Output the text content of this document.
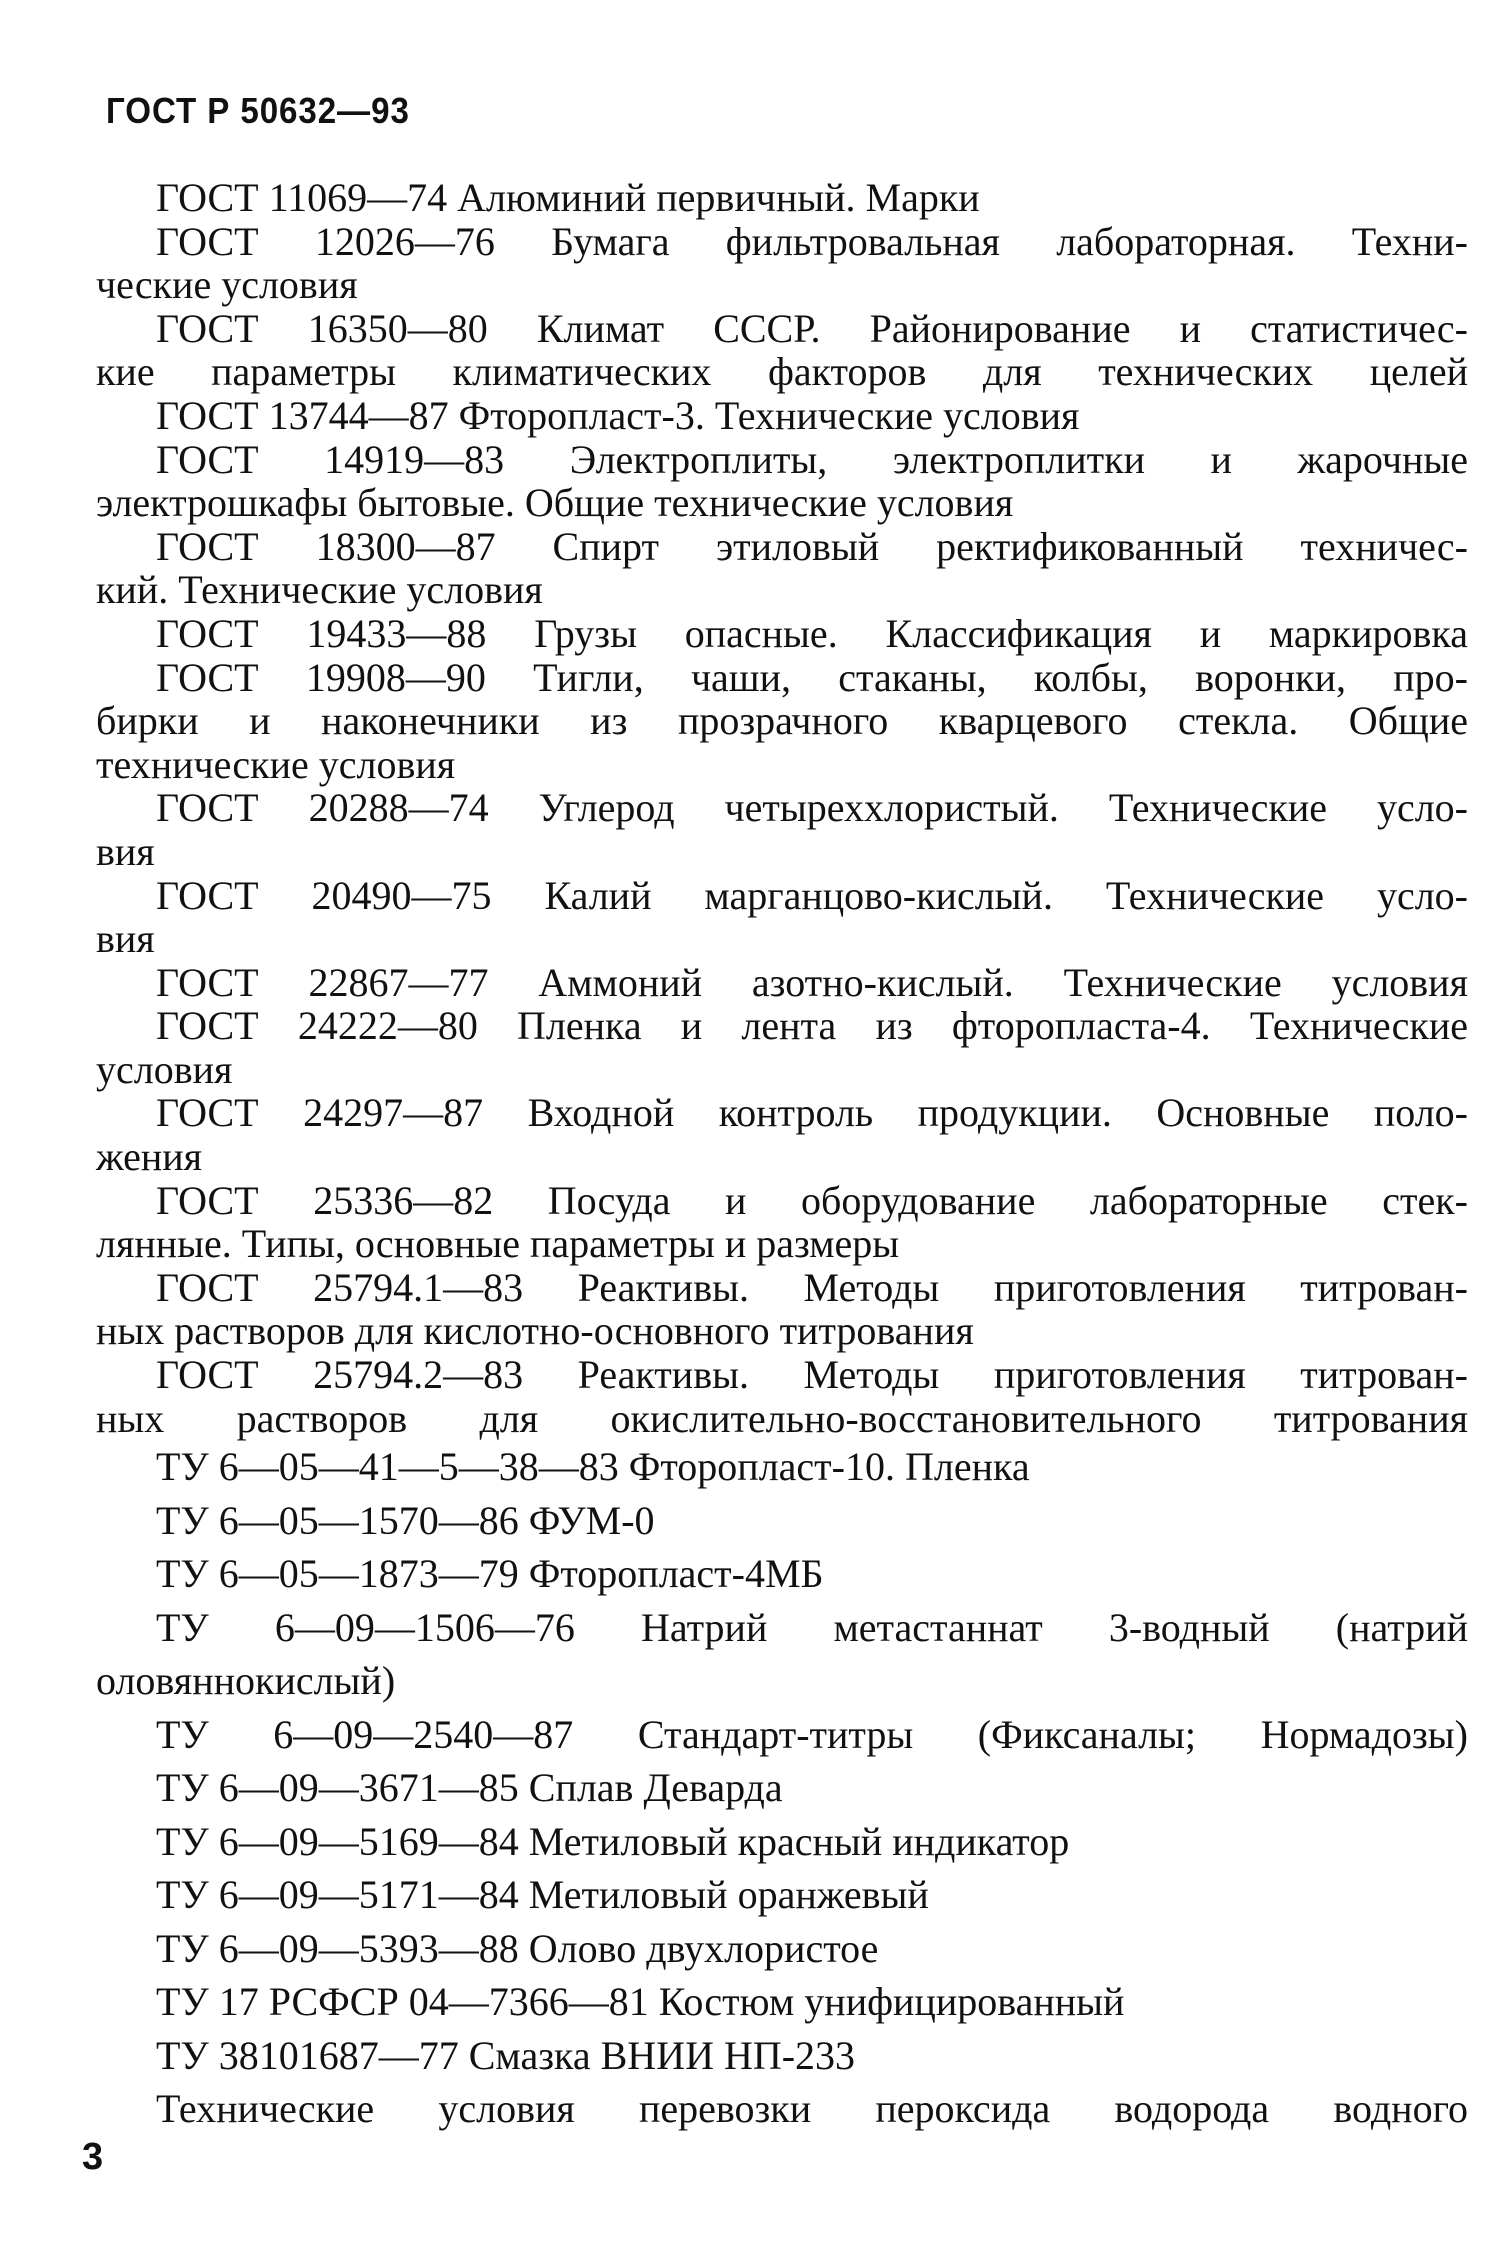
ГОСТ Р 50632—93
ГОСТ 11069—74 Алюминий первичный. Марки
ГОСТ 12026—76 Бумага фильтровальная лабораторная. Техни-
ческие условия
ГОСТ 16350—80 Климат СССР. Районирование и статистичес-
кие параметры климатических факторов для технических целей
ГОСТ 13744—87 Фторопласт-3. Технические условия
ГОСТ 14919—83 Электроплиты, электроплитки и жарочные
электрошкафы бытовые. Общие технические условия
ГОСТ 18300—87 Спирт этиловый ректификованный техничес-
кий. Технические условия
ГОСТ 19433—88 Грузы опасные. Классификация и маркировка
ГОСТ 19908—90 Тигли, чаши, стаканы, колбы, воронки, про-
бирки и наконечники из прозрачного кварцевого стекла. Общие
технические условия
ГОСТ 20288—74 Углерод четыреххлористый. Технические усло-
вия
ГОСТ 20490—75 Калий марганцово-кислый. Технические усло-
вия
ГОСТ 22867—77 Аммоний азотно-кислый. Технические условия
ГОСТ 24222—80 Пленка и лента из фторопласта-4. Технические
условия
ГОСТ 24297—87 Входной контроль продукции. Основные поло-
жения
ГОСТ 25336—82 Посуда и оборудование лабораторные стек-
лянные. Типы, основные параметры и размеры
ГОСТ 25794.1—83 Реактивы. Методы приготовления титрован-
ных растворов для кислотно-основного титрования
ГОСТ 25794.2—83 Реактивы. Методы приготовления титрован-
ных растворов для окислительно-восстановительного титрования
ТУ 6—05—41—5—38—83 Фторопласт-10. Пленка
ТУ 6—05—1570—86 ФУМ-0
ТУ 6—05—1873—79 Фторопласт-4МБ
ТУ 6—09—1506—76 Натрий метастаннат 3-водный (натрий
оловяннокислый)
ТУ 6—09—2540—87 Стандарт-титры (Фиксаналы; Нормадозы)
ТУ 6—09—3671—85 Сплав Деварда
ТУ 6—09—5169—84 Метиловый красный индикатор
ТУ 6—09—5171—84 Метиловый оранжевый
ТУ 6—09—5393—88 Олово двухлористое
ТУ 17 РСФСР 04—7366—81 Костюм унифицированный
ТУ 38101687—77 Смазка ВНИИ НП-233
Технические условия перевозки пероксида водорода водного
3
